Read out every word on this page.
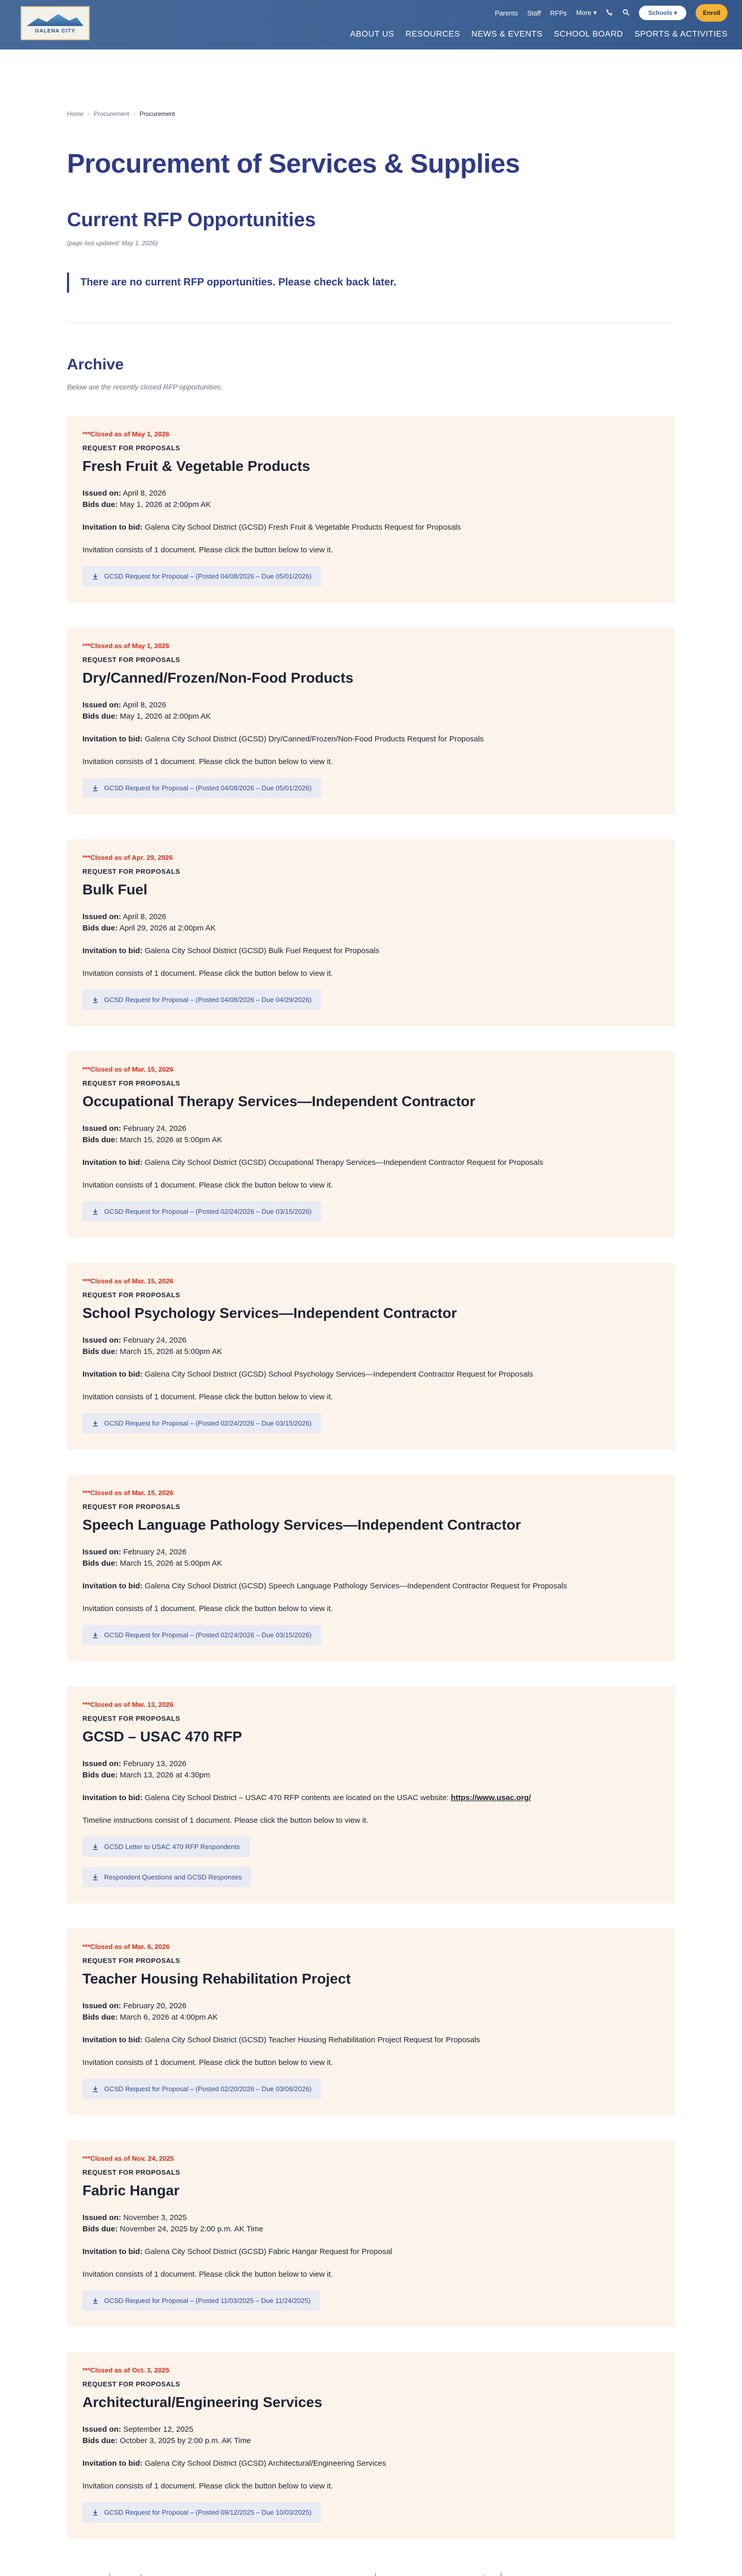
GALENA CITY
Parents Staff RFPs More ▾	Schools ▾	Enroll
ABOUT US RESOURCES NEWS & EVENTS SCHOOL BOARD SPORTS & ACTIVITIES
Home › Procurement › Procurement
Procurement of Services & Supplies
Current RFP Opportunities

(page last updated: May 1, 2026)

There are no current RFP opportunities. Please check back later.
Archive

Below are the recently closed RFP opportunities.

***Closed as of May 1, 2026
REQUEST FOR PROPOSALS
Fresh Fruit & Vegetable Products
Issued on: April 8, 2026
Bids due: May 1, 2026 at 2:00pm AK
Invitation to bid: Galena City School District (GCSD) Fresh Fruit & Vegetable Products Request for Proposals
Invitation consists of 1 document. Please click the button below to view it.
GCSD Request for Proposal – (Posted 04/08/2026 – Due 05/01/2026)
***Closed as of May 1, 2026
REQUEST FOR PROPOSALS
Dry/Canned/Frozen/Non-Food Products
Issued on: April 8, 2026
Bids due: May 1, 2026 at 2:00pm AK
Invitation to bid: Galena City School District (GCSD) Dry/Canned/Frozen/Non-Food Products Request for Proposals
Invitation consists of 1 document. Please click the button below to view it.
GCSD Request for Proposal – (Posted 04/08/2026 – Due 05/01/2026)
***Closed as of Apr. 29, 2026
REQUEST FOR PROPOSALS
Bulk Fuel
Issued on: April 8, 2026
Bids due: April 29, 2026 at 2:00pm AK
Invitation to bid: Galena City School District (GCSD) Bulk Fuel Request for Proposals
Invitation consists of 1 document. Please click the button below to view it.
GCSD Request for Proposal – (Posted 04/08/2026 – Due 04/29/2026)
***Closed as of Mar. 15, 2026
REQUEST FOR PROPOSALS
Occupational Therapy Services—Independent Contractor
Issued on: February 24, 2026
Bids due: March 15, 2026 at 5:00pm AK
Invitation to bid: Galena City School District (GCSD) Occupational Therapy Services—Independent Contractor Request for Proposals
Invitation consists of 1 document. Please click the button below to view it.
GCSD Request for Proposal – (Posted 02/24/2026 – Due 03/15/2026)
***Closed as of Mar. 15, 2026
REQUEST FOR PROPOSALS
School Psychology Services—Independent Contractor
Issued on: February 24, 2026
Bids due: March 15, 2026 at 5:00pm AK
Invitation to bid: Galena City School District (GCSD) School Psychology Services—Independent Contractor Request for Proposals
Invitation consists of 1 document. Please click the button below to view it.
GCSD Request for Proposal – (Posted 02/24/2026 – Due 03/15/2026)
***Closed as of Mar. 15, 2026
REQUEST FOR PROPOSALS
Speech Language Pathology Services—Independent Contractor
Issued on: February 24, 2026
Bids due: March 15, 2026 at 5:00pm AK
Invitation to bid: Galena City School District (GCSD) Speech Language Pathology Services—Independent Contractor Request for Proposals
Invitation consists of 1 document. Please click the button below to view it.
GCSD Request for Proposal – (Posted 02/24/2026 – Due 03/15/2026)
***Closed as of Mar. 13, 2026
REQUEST FOR PROPOSALS
GCSD – USAC 470 RFP
Issued on: February 13, 2026
Bids due: March 13, 2026 at 4:30pm
Invitation to bid: Galena City School District – USAC 470 RFP contents are located on the USAC website: https://www.usac.org/
Timeline instructions consist of 1 document. Please click the button below to view it.
GCSD Letter to USAC 470 RFP Respondents
Respondent Questions and GCSD Responses
***Closed as of Mar. 6, 2026
REQUEST FOR PROPOSALS
Teacher Housing Rehabilitation Project
Issued on: February 20, 2026
Bids due: March 6, 2026 at 4:00pm AK
Invitation to bid: Galena City School District (GCSD) Teacher Housing Rehabilitation Project Request for Proposals
Invitation consists of 1 document. Please click the button below to view it.
GCSD Request for Proposal – (Posted 02/20/2026 – Due 03/06/2026)
***Closed as of Nov. 24, 2025
REQUEST FOR PROPOSALS
Fabric Hangar
Issued on: November 3, 2025
Bids due: November 24, 2025 by 2:00 p.m. AK Time
Invitation to bid: Galena City School District (GCSD) Fabric Hangar Request for Proposal
Invitation consists of 1 document. Please click the button below to view it.
GCSD Request for Proposal – (Posted 11/03/2025 – Due 11/24/2025)
***Closed as of Oct. 3, 2025
REQUEST FOR PROPOSALS
Architectural/Engineering Services
Issued on: September 12, 2025
Bids due: October 3, 2025 by 2:00 p.m. AK Time
Invitation to bid: Galena City School District (GCSD) Architectural/Engineering Services
Invitation consists of 1 document. Please click the button below to view it.
GCSD Request for Proposal – (Posted 09/12/2025 – Due 10/03/2025)
